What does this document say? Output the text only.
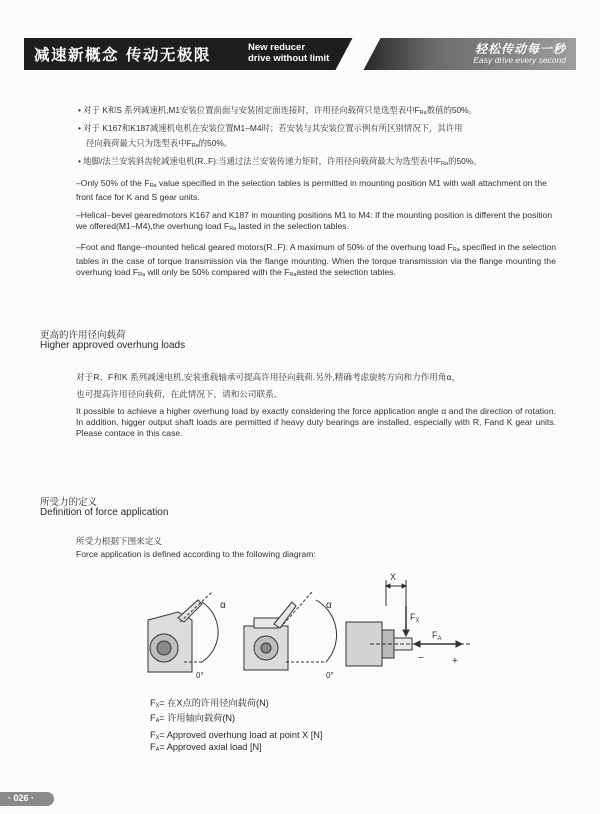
减速新概念 传动无极限	New reducer
drive without limit
轻松传动每一秒
Easy drive every second
• 对于 K和S 系列减速机,M1安装位置前面与安装固定面连接时，许用径向载荷只是选型表中$F_{Ra}$数值的50%。
• 对于 K167和K187减速机电机在安装位置M1–M4时；若安装与其安装位置示例有所区别情况下，其许用
径向载荷最大只为选型表中$F_{Ra}$的50%。
• 地脚/法兰安装斜齿轮减速电机(R..F):当通过法兰安装传递力矩时，许用径向载荷最大为选型表中$F_{Ra}$的50%。
–Only 50% of the $F_{Ra}$ value specified in the selection tables is permitted in mounting position M1 with wall attachment on the front face for K and S gear units.
–Helical–bevel gearedmotors K167 and K187 in mounting positions M1 to M4: If the mounting position is different the position we offered(M1–M4),the overhung load $F_{Ra}$ lasted in the selection tables.
–Foot and flange–mounted helical geared motors(R..F): A maximum of 50% of the overhung load $F_{Ra}$ specified in the selection tables in the case of torque transmission via the flange mounting. When the torque transmission via the flange mounting the overhung load $F_{Ra}$ will only be 50% compared with the $F_{Ra}asted$ the selection tables.
更高的许用径向载荷
Higher approved overhung loads
对于R、F和K 系列减速电机,安装重载轴承可提高许用径向载荷.另外,精确考虑旋转方向和力作用角α，
也可提高许用径向载荷，在此情况下，请和公司联系。
It possible to achieve a higher overhung load by exactly considering the force application angle α and the direction of rotation. In addition, higger output shaft loads are permitted if heavy duty bearings are installed, especially with R, Fand K gear units. Please contace in this case.
所受力的定义
Definition of force application
所受力根据下图来定义
Force application is defined according to the following diagram:
α
0°
α
0°
X
$F_X$
$F_A$
–	+
$F_X=$ 在X点的许用径向载荷(N)
$F_A=$ 许用轴向载荷(N)
$F_X=$ Approved overhung load at point X [N]
$F_A=$ Approved axial load [N]
· 026 ·
